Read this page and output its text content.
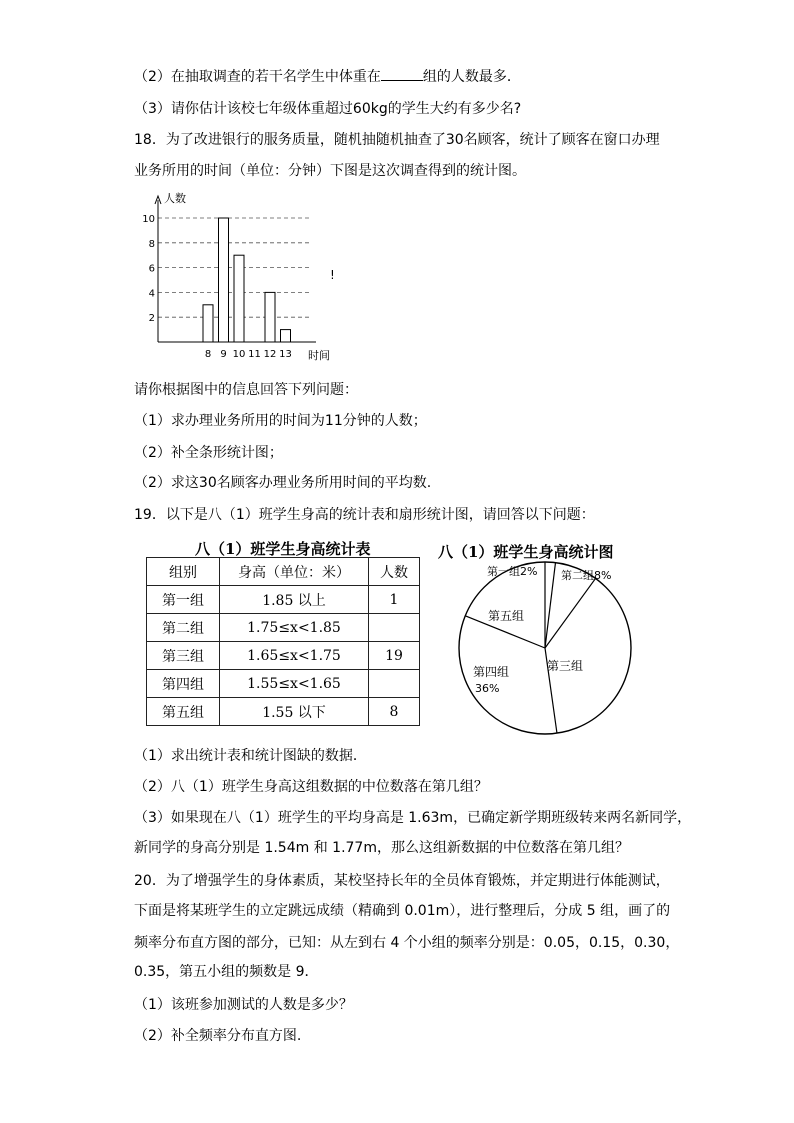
（2）在抽取调查的若干名学生中体重在	组的人数最多．
（3）请你估计该校七年级体重超过60kg的学生大约有多少名?
18．为了改进银行的服务质量，随机抽随机抽查了30名顾客，统计了顾客在窗口办理
业务所用的时间（单位：分钟）下图是这次调查得到的统计图。
2
4
6
8
10
人数
时间
8 9 10 11 12 13
!
请你根据图中的信息回答下列问题：
（1）求办理业务所用的时间为11分钟的人数；
（2）补全条形统计图；
（2）求这30名顾客办理业务所用时间的平均数.
19．以下是八（1）班学生身高的统计表和扇形统计图，请回答以下问题：
八（1）班学生身高统计表
组别	身高（单位：米）	人数
第一组	1.85 以上	1
第二组	1.75≤x<1.85	
第三组	1.65≤x<1.75	19
第四组	1.55≤x<1.65	
第五组	1.55 以下	8
八（1）班学生身高统计图
第一组2% 第二组8%
第三组
第四组
36%
第五组
（1）求出统计表和统计图缺的数据．
（2）八（1）班学生身高这组数据的中位数落在第几组？
（3）如果现在八（1）班学生的平均身高是 1.63m，已确定新学期班级转来两名新同学，
新同学的身高分别是 1.54m 和 1.77m，那么这组新数据的中位数落在第几组？
20．为了增强学生的身体素质，某校坚持长年的全员体育锻炼，并定期进行体能测试，
下面是将某班学生的立定跳远成绩（精确到 0.01m），进行整理后，分成 5 组，画了的
频率分布直方图的部分，已知：从左到右 4 个小组的频率分别是：0.05，0.15，0.30，
0.35，第五小组的频数是 9．
（1）该班参加测试的人数是多少？
（2）补全频率分布直方图.
